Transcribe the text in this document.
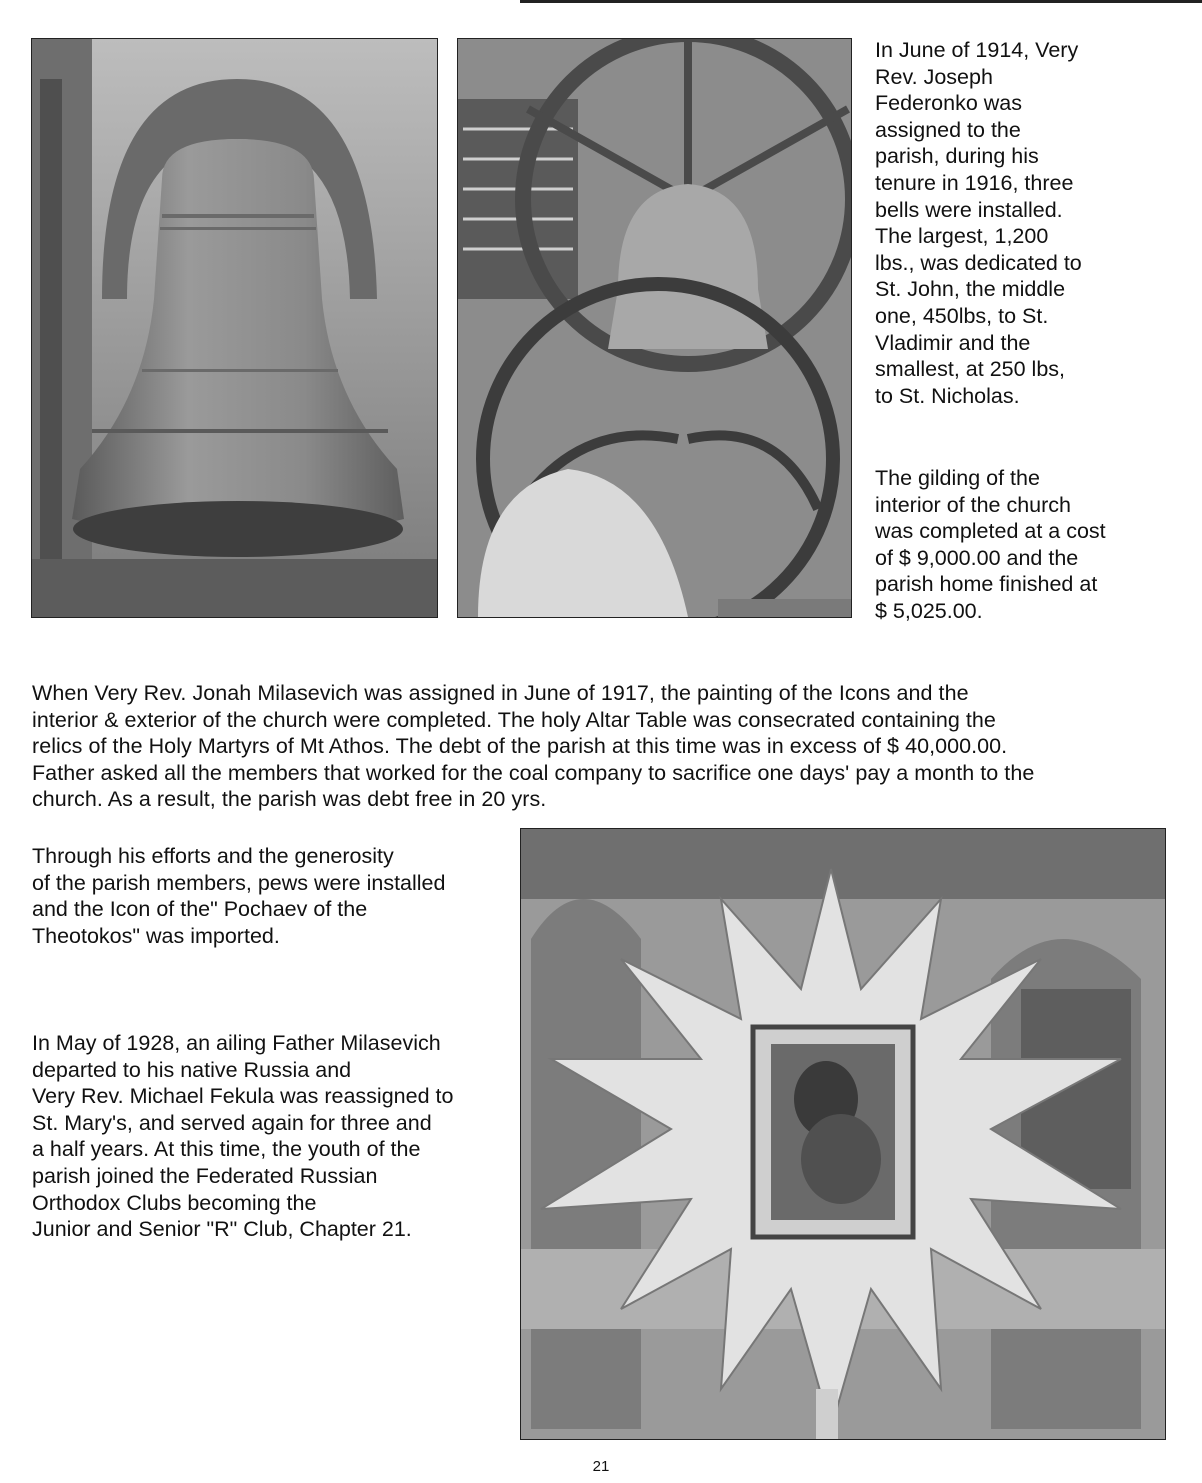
In June of 1914, Very
Rev. Joseph
Federonko was
assigned to the
parish, during his
tenure in 1916, three
bells were installed.
The largest, 1,200
lbs., was dedicated to
St. John, the middle
one, 450lbs, to St.
Vladimir and the
smallest, at 250 lbs,
to St. Nicholas.

The gilding of the
interior of the church
was completed at a cost
of $ 9,000.00 and the
parish home finished at
$ 5,025.00.

When Very Rev. Jonah Milasevich was assigned in June of 1917, the painting of the Icons and the
interior & exterior of the church were completed. The holy Altar Table was consecrated containing the
relics of the Holy Martyrs of Mt Athos. The debt of the parish at this time was in excess of $ 40,000.00.
Father asked all the members that worked for the coal company to sacrifice one days' pay a month to the
church. As a result, the parish was debt free in 20 yrs.

Through his efforts and the generosity
of the parish members, pews were installed
and the Icon of the" Pochaev of the
Theotokos" was imported.

In May of 1928, an ailing Father Milasevich
departed to his native Russia and
Very Rev. Michael Fekula was reassigned to
St. Mary's, and served again for three and
a half years. At this time, the youth of the
parish joined the Federated Russian
Orthodox Clubs becoming the
Junior and Senior "R" Club, Chapter 21.

21
